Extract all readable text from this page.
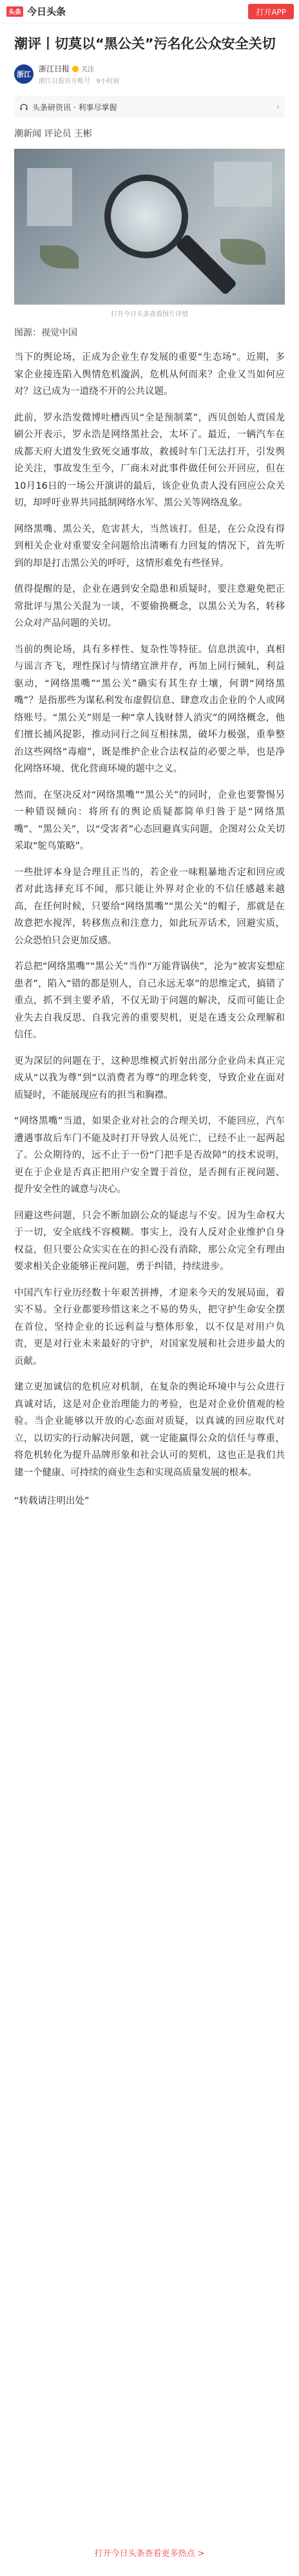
头条 今日头条	打开APP
潮评丨切莫以“黑公关”污名化公众安全关切
浙江
浙江日报 关注
浙江日报官方账号 9小时前
头条研资讯 · 利事尽掌握	›

潮新闻 评论员 王彬

打开今日头条查看图片详情

图源：视觉中国

当下的舆论场，正成为企业生存发展的重要“生态场”。近期，多家企业接连陷入舆情危机漩涡，危机从何而来？企业又当如何应对？这已成为一道绕不开的公共议题。

此前，罗永浩发微博吐槽西贝“全是预制菜”，西贝创始人贾国龙刷公开表示，罗永浩是网络黑社会，太坏了。最近，一辆汽车在成都天府大道发生致死交通事故，救援时车门无法打开，引发舆论关注，事故发生至今，厂商未对此事件做任何公开回应，但在10月16日的一场公开演讲的最后，该企业负责人没有回应公众关切，却呼吁业界共同抵制网络水军、黑公关等网络乱象。

网络黑嘴、黑公关，危害甚大，当然该打。但是，在公众没有得到相关企业对重要安全问题给出清晰有力回复的情况下，首先听到的却是打击黑公关的呼吁，这情形难免有些怪异。

值得提醒的是，企业在遇到安全隐患和质疑时，要注意避免把正常批评与黑公关混为一谈，不要偷换概念，以黑公关为名，转移公众对产品问题的关切。

当前的舆论场，具有多样性、复杂性等特征。信息洪流中，真相与谣言齐飞，理性探讨与情绪宣泄并存，再加上同行倾轧，利益驱动，“网络黑嘴”“黑公关”确实有其生存土壤，何谓“网络黑嘴”？是指那些为谋私利发布虚假信息、肆意攻击企业的个人或网络账号。“黑公关”则是一种“拿人钱财替人消灾”的网络概念，他们擅长捕风捉影，推动同行之间互相抹黑，破坏力极强，重拳整治这些网络“毒瘤”，既是维护企业合法权益的必要之举，也是净化网络环境、优化营商环境的题中之义。

然而，在坚决反对“网络黑嘴”“黑公关”的同时，企业也要警惕另一种错误倾向：将所有的舆论质疑都简单归咎于是“网络黑嘴”、“黑公关”，以“受害者”心态回避真实问题，企图对公众关切采取“鸵鸟策略”。

一些批评本身是合理且正当的，若企业一味粗暴地否定和回应或者对此选择充耳不闻，那只能让外界对企业的不信任感越来越高，在任何时候，只要给“网络黑嘴”“黑公关”的帽子，那就是在故意把水搅浑，转移焦点和注意力，如此玩弄话术，回避实质，公众恐怕只会更加反感。

若总把“网络黑嘴”“黑公关”当作“万能背锅侠”，沦为“被害妄想症患者”，陷入“错的都是别人，自己永远无辜”的思维定式，搞错了重点，抓不到主要矛盾，不仅无助于问题的解决，反而可能让企业失去自我反思、自我完善的重要契机，更是在透支公众理解和信任。

更为深层的问题在于，这种思维模式折射出部分企业尚未真正完成从“以我为尊”到“以消费者为尊”的理念转变，导致企业在面对质疑时，不能展现应有的担当和胸襟。

“网络黑嘴”当道，如果企业对社会的合理关切，不能回应，汽车遭遇事故后车门不能及时打开导致人员死亡，已经不止一起两起了。公众期待的，远不止于一份“门把手是否故障”的技术说明，更在于企业是否真正把用户安全置于首位，是否拥有正视问题、提升安全性的诚意与决心。

回避这些问题，只会不断加剧公众的疑虑与不安。因为生命权大于一切，安全底线不容模糊。事实上，没有人反对企业维护自身权益，但只要公众实实在在的担心没有消除，那公众完全有理由要求相关企业能够正视问题，勇于纠错，持续进步。

中国汽车行业历经数十年艰苦拼搏，才迎来今天的发展局面，着实不易。全行业都要珍惜这来之不易的势头，把守护生命安全摆在首位，坚持企业的长远利益与整体形象，以不仅是对用户负责，更是对行业未来最好的守护，对国家发展和社会进步最大的贡献。

建立更加诚信的危机应对机制，在复杂的舆论环境中与公众进行真诚对话，这是对企业治理能力的考验，也是对企业价值观的检验。当企业能够以开放的心态面对质疑，以真诚的回应取代对立，以切实的行动解决问题，就一定能赢得公众的信任与尊重，将危机转化为提升品牌形象和社会认可的契机，这也正是我们共建一个健康、可持续的商业生态和实现高质量发展的根本。

“转载请注明出处”

打开今日头条查看更多热点 >
